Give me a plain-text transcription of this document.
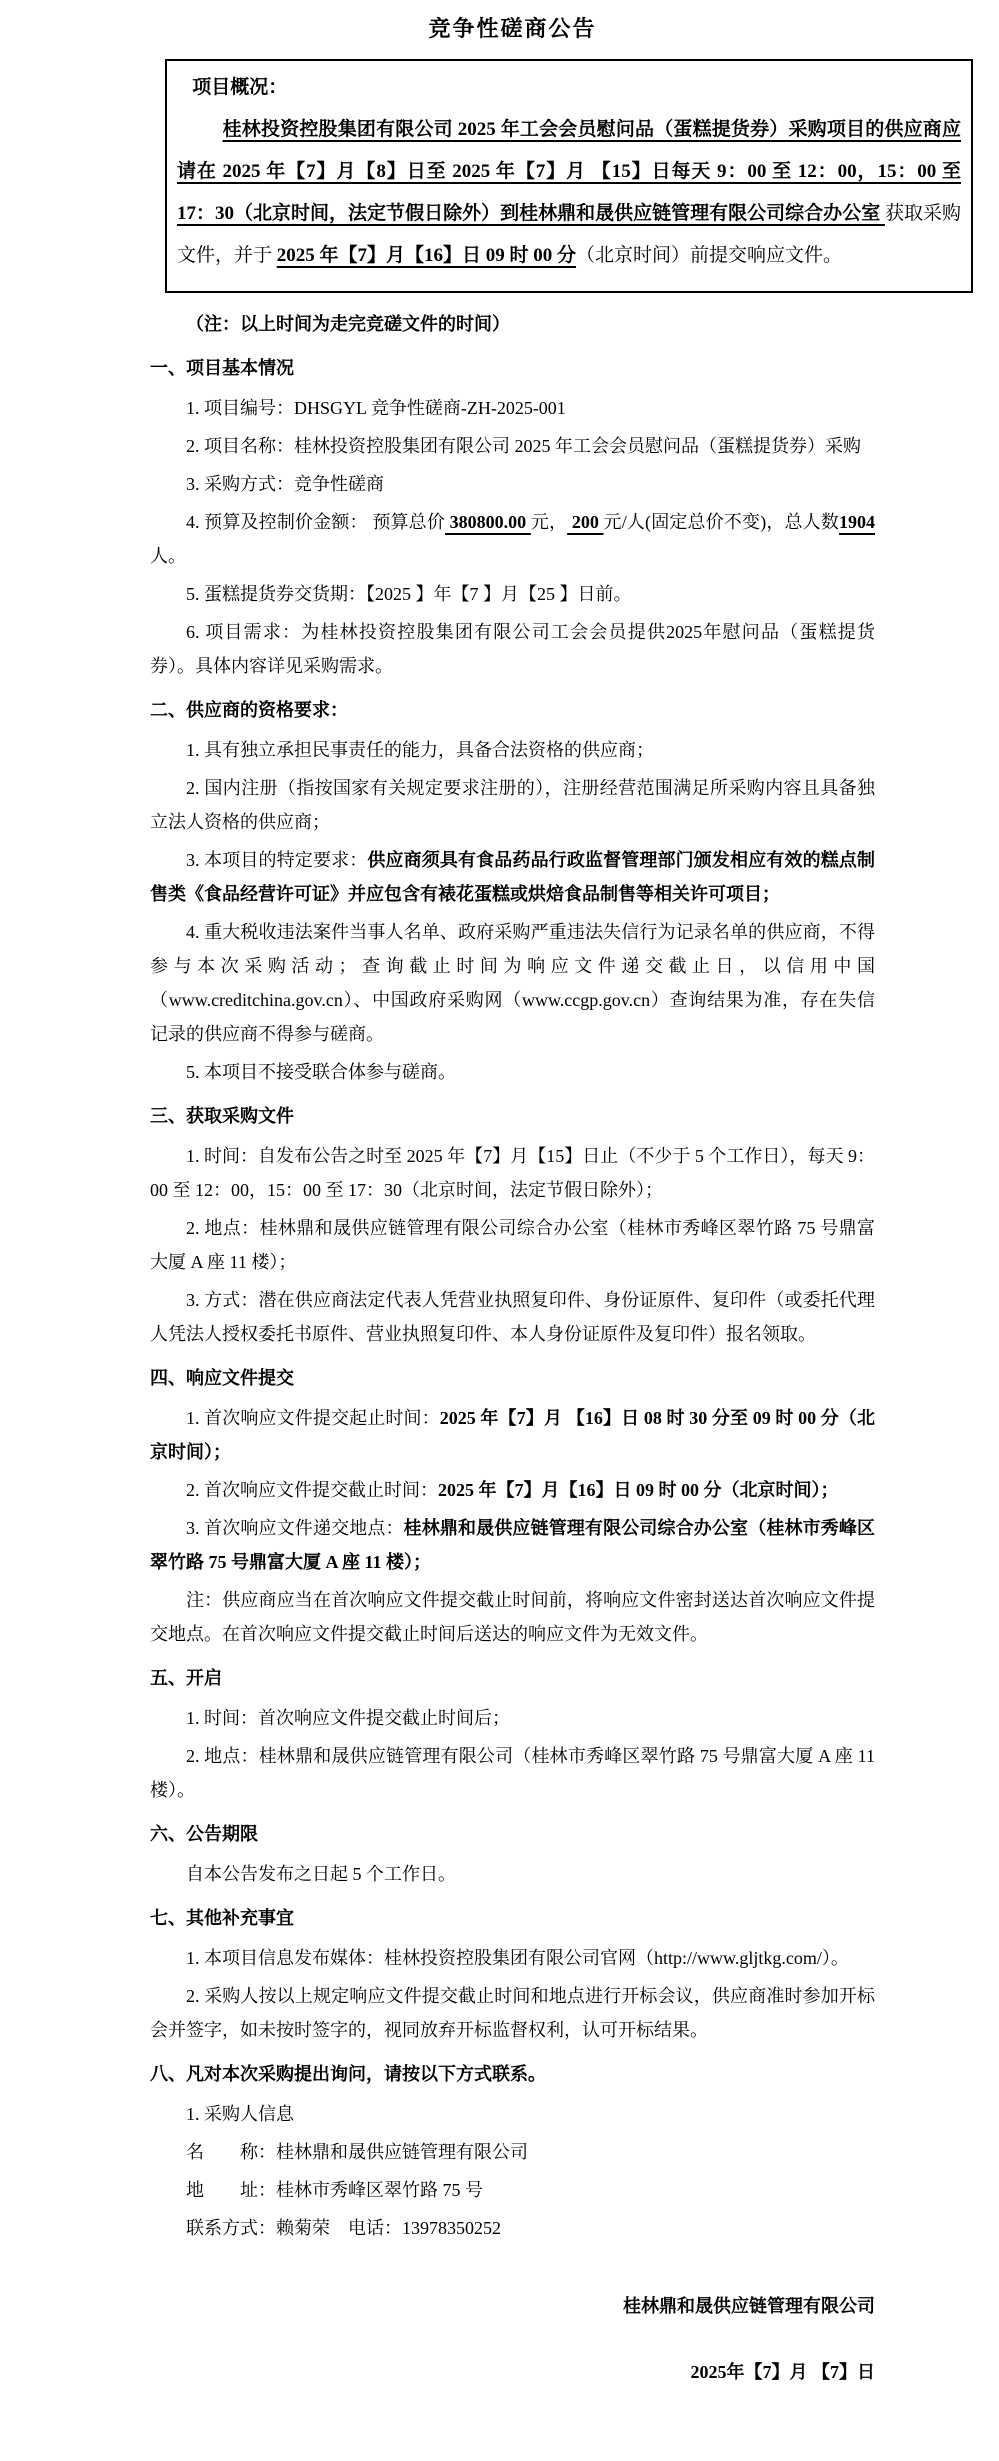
竞争性磋商公告

项目概况：

桂林投资控股集团有限公司 2025 年工会会员慰问品（蛋糕提货券）采购项目的供应商应请在 2025 年【7】月【8】日至 2025 年【7】月 【15】日每天 9：00 至 12：00，15：00 至 17：30（北京时间，法定节假日除外）到桂林鼎和晟供应链管理有限公司综合办公室 获取采购文件，并于 2025 年【7】月【16】日 09 时 00 分（北京时间）前提交响应文件。

（注：以上时间为走完竞磋文件的时间）

一、项目基本情况

1. 项目编号：DHSGYL 竞争性磋商-ZH-2025-001

2. 项目名称：桂林投资控股集团有限公司 2025 年工会会员慰问品（蛋糕提货券）采购

3. 采购方式：竞争性磋商

4. 预算及控制价金额： 预算总价 380800.00 元， 200 元/人(固定总价不变)，总人数1904 人。

5. 蛋糕提货券交货期：【2025 】年【7 】月【25 】日前。

6. 项目需求：为桂林投资控股集团有限公司工会会员提供2025年慰问品（蛋糕提货券）。具体内容详见采购需求。

二、供应商的资格要求：

1. 具有独立承担民事责任的能力，具备合法资格的供应商；

2. 国内注册（指按国家有关规定要求注册的），注册经营范围满足所采购内容且具备独立法人资格的供应商；

3. 本项目的特定要求：供应商须具有食品药品行政监督管理部门颁发相应有效的糕点制售类《食品经营许可证》并应包含有裱花蛋糕或烘焙食品制售等相关许可项目；

4. 重大税收违法案件当事人名单、政府采购严重违法失信行为记录名单的供应商，不得参与本次采购活动；查询截止时间为响应文件递交截止日，以信用中国（www.creditchina.gov.cn）、中国政府采购网（www.ccgp.gov.cn）查询结果为准，存在失信记录的供应商不得参与磋商。

5. 本项目不接受联合体参与磋商。

三、获取采购文件

1. 时间：自发布公告之时至 2025 年【7】月【15】日止（不少于 5 个工作日），每天 9：00 至 12：00，15：00 至 17：30（北京时间，法定节假日除外）；

2. 地点：桂林鼎和晟供应链管理有限公司综合办公室（桂林市秀峰区翠竹路 75 号鼎富大厦 A 座 11 楼）；

3. 方式：潜在供应商法定代表人凭营业执照复印件、身份证原件、复印件（或委托代理人凭法人授权委托书原件、营业执照复印件、本人身份证原件及复印件）报名领取。

四、响应文件提交

1. 首次响应文件提交起止时间：2025 年【7】月 【16】日 08 时 30 分至 09 时 00 分（北京时间）；

2. 首次响应文件提交截止时间：2025 年【7】月【16】日 09 时 00 分（北京时间）；

3. 首次响应文件递交地点：桂林鼎和晟供应链管理有限公司综合办公室（桂林市秀峰区翠竹路 75 号鼎富大厦 A 座 11 楼）；

注：供应商应当在首次响应文件提交截止时间前，将响应文件密封送达首次响应文件提交地点。在首次响应文件提交截止时间后送达的响应文件为无效文件。

五、开启

1. 时间：首次响应文件提交截止时间后；

2. 地点：桂林鼎和晟供应链管理有限公司（桂林市秀峰区翠竹路 75 号鼎富大厦 A 座 11 楼）。

六、公告期限

自本公告发布之日起 5 个工作日。

七、其他补充事宜

1. 本项目信息发布媒体：桂林投资控股集团有限公司官网（http://www.gljtkg.com/）。

2. 采购人按以上规定响应文件提交截止时间和地点进行开标会议，供应商准时参加开标会并签字，如未按时签字的，视同放弃开标监督权利，认可开标结果。

八、凡对本次采购提出询问，请按以下方式联系。

1. 采购人信息

名　　称：桂林鼎和晟供应链管理有限公司

地　　址：桂林市秀峰区翠竹路 75 号

联系方式：赖菊荣　电话：13978350252

桂林鼎和晟供应链管理有限公司

2025年【7】月 【7】日
